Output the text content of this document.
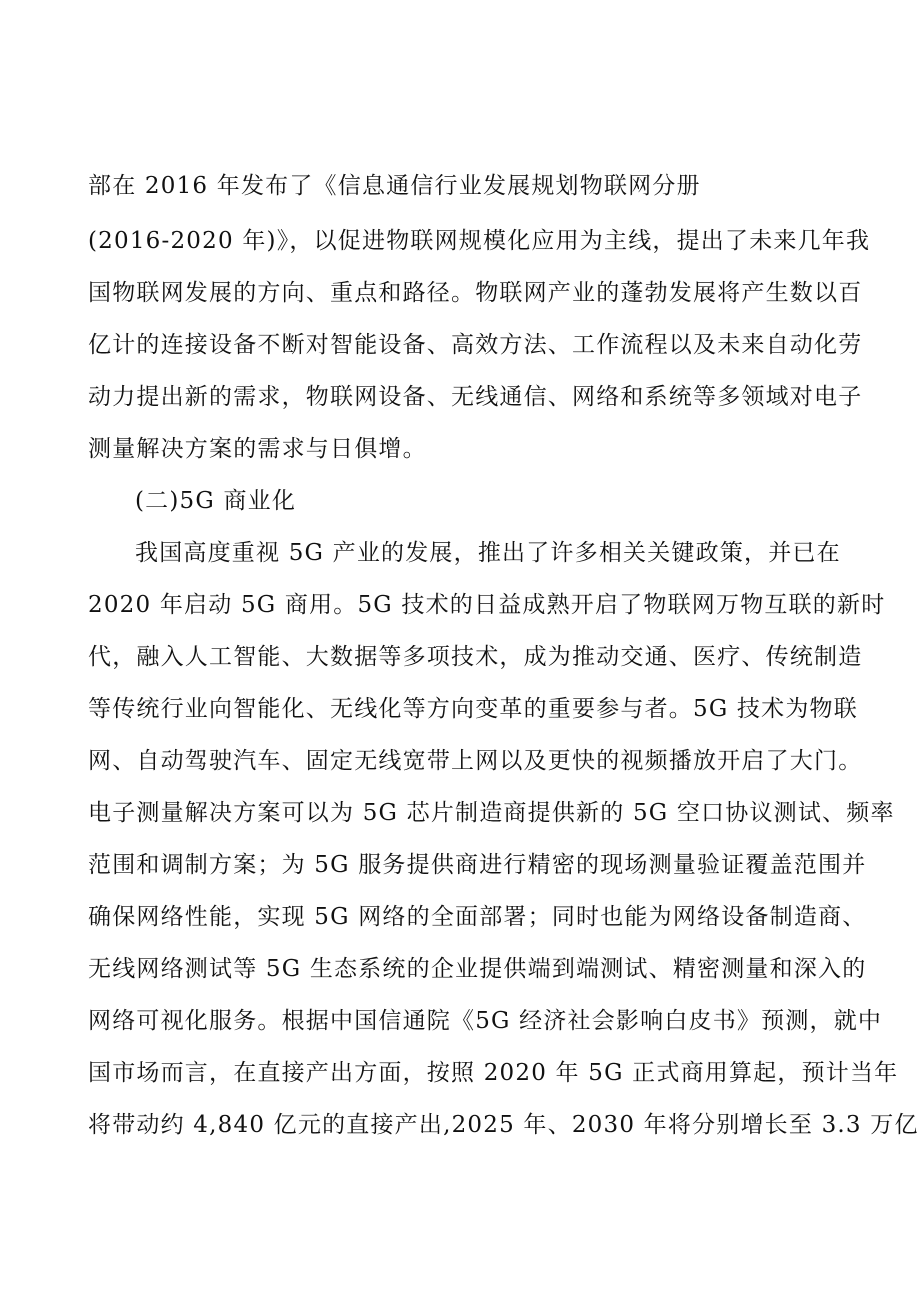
部在 2016 年发布了《信息通信行业发展规划物联网分册
(2016-2020 年)》，以促进物联网规模化应用为主线，提出了未来几年我
国物联网发展的方向、重点和路径。物联网产业的蓬勃发展将产生数以百
亿计的连接设备不断对智能设备、高效方法、工作流程以及未来自动化劳
动力提出新的需求，物联网设备、无线通信、网络和系统等多领域对电子
测量解决方案的需求与日俱增。
(二)5G 商业化
我国高度重视 5G 产业的发展，推出了许多相关关键政策，并已在
2020 年启动 5G 商用。5G 技术的日益成熟开启了物联网万物互联的新时
代，融入人工智能、大数据等多项技术，成为推动交通、医疗、传统制造
等传统行业向智能化、无线化等方向变革的重要参与者。5G 技术为物联
网、自动驾驶汽车、固定无线宽带上网以及更快的视频播放开启了大门。
电子测量解决方案可以为 5G 芯片制造商提供新的 5G 空口协议测试、频率
范围和调制方案；为 5G 服务提供商进行精密的现场测量验证覆盖范围并
确保网络性能，实现 5G 网络的全面部署；同时也能为网络设备制造商、
无线网络测试等 5G 生态系统的企业提供端到端测试、精密测量和深入的
网络可视化服务。根据中国信通院《5G 经济社会影响白皮书》预测，就中
国市场而言，在直接产出方面，按照 2020 年 5G 正式商用算起，预计当年
将带动约 4,840 亿元的直接产出,2025 年、2030 年将分别增长至 3.3 万亿
